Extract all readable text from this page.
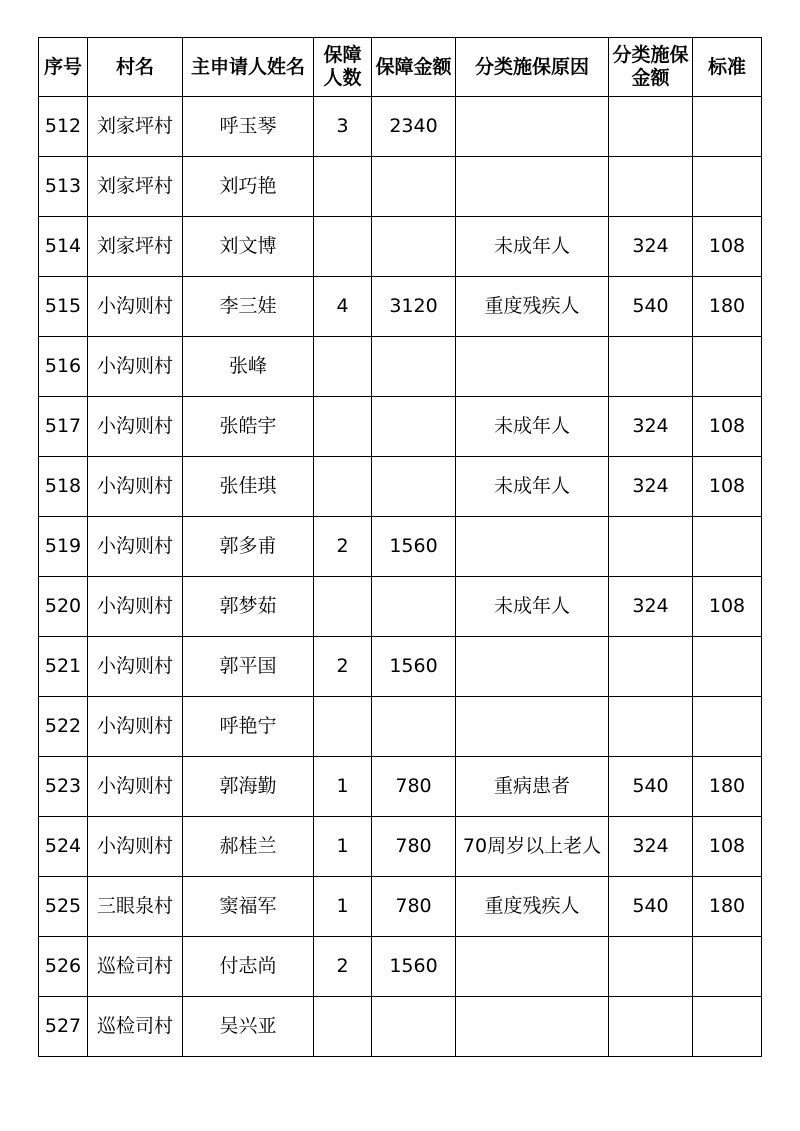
序号	村名	主申请人姓名	保障人数	保障金额	分类施保原因	分类施保金额	标准
512	刘家坪村	呼玉琴	3	2340			
513	刘家坪村	刘巧艳					
514	刘家坪村	刘文博			未成年人	324	108
515	小沟则村	李三娃	4	3120	重度残疾人	540	180
516	小沟则村	张峰					
517	小沟则村	张皓宇			未成年人	324	108
518	小沟则村	张佳琪			未成年人	324	108
519	小沟则村	郭多甫	2	1560			
520	小沟则村	郭梦茹			未成年人	324	108
521	小沟则村	郭平国	2	1560			
522	小沟则村	呼艳宁					
523	小沟则村	郭海勤	1	780	重病患者	540	180
524	小沟则村	郝桂兰	1	780	70周岁以上老人	324	108
525	三眼泉村	窦福军	1	780	重度残疾人	540	180
526	巡检司村	付志尚	2	1560			
527	巡检司村	吴兴亚					
